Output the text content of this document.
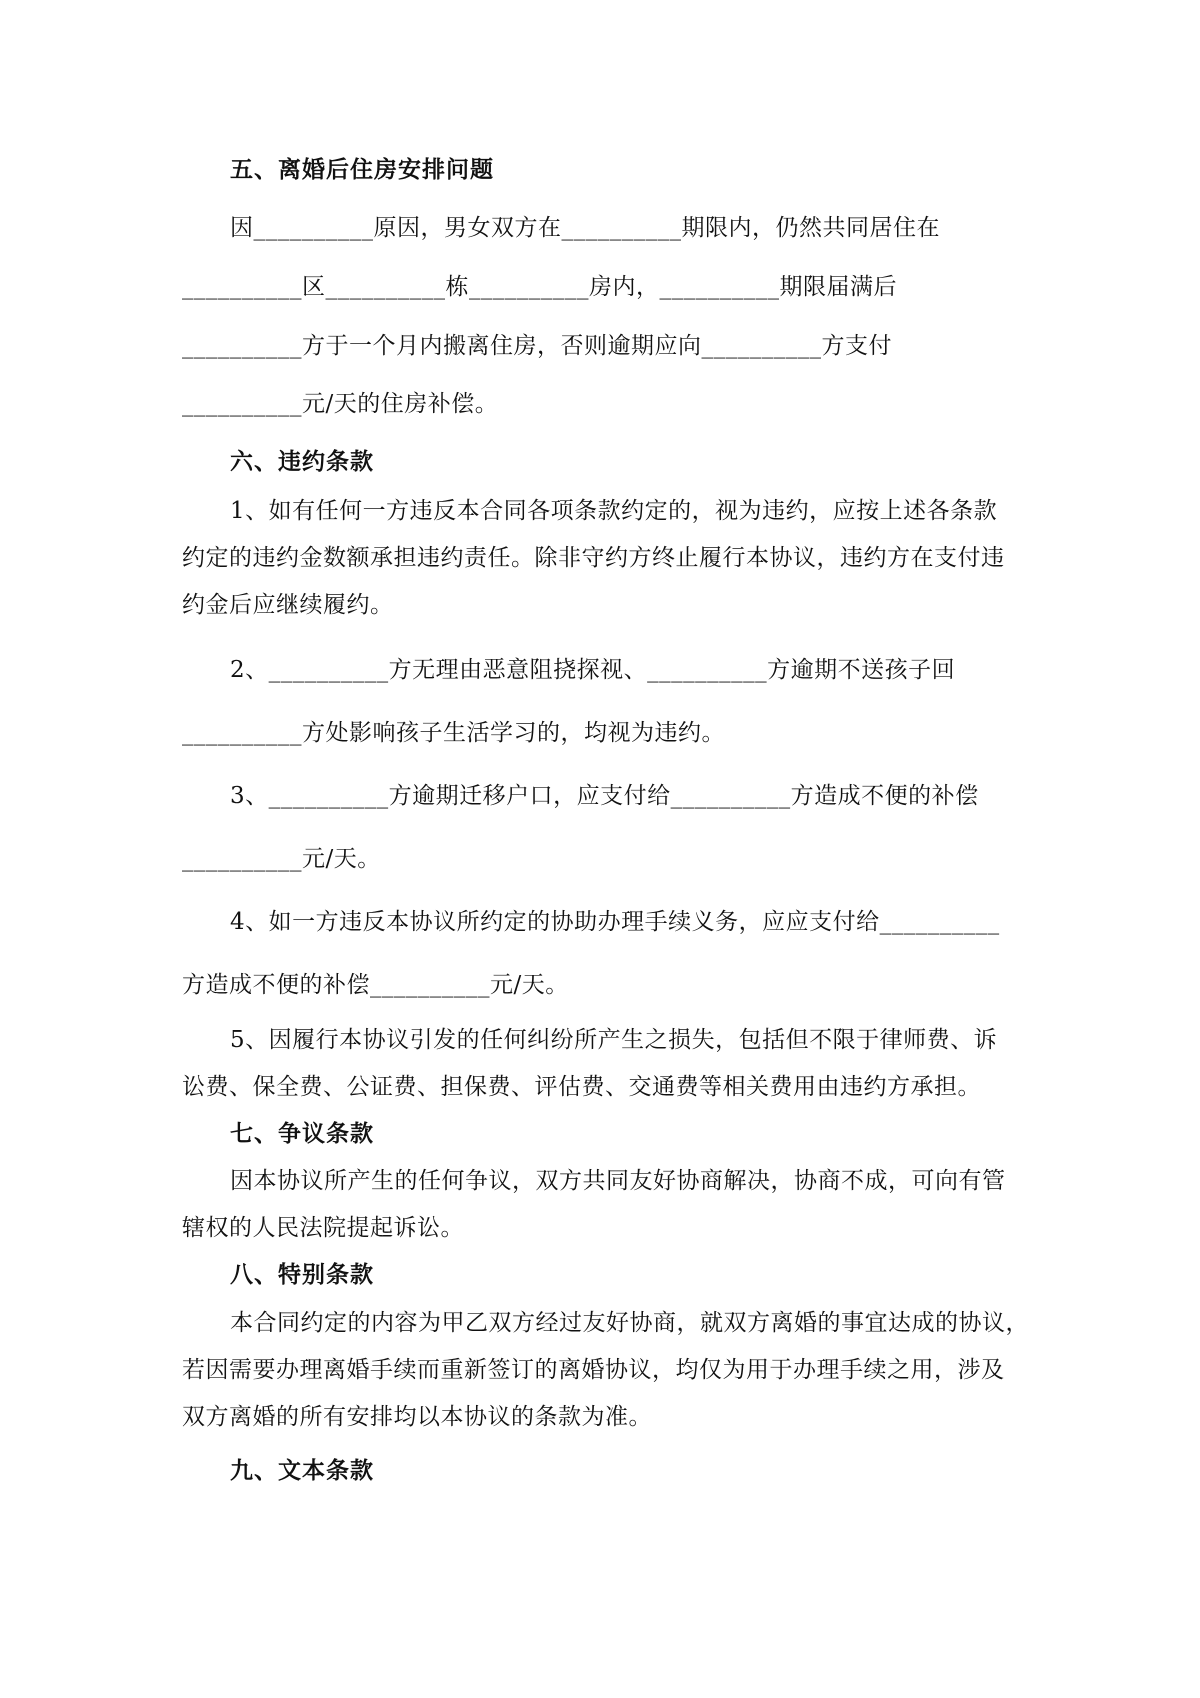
五、离婚后住房安排问题
因__________原因，男女双方在__________期限内，仍然共同居住在
__________区__________栋__________房内，__________期限届满后
__________方于一个月内搬离住房，否则逾期应向__________方支付
__________元/天的住房补偿。
六、违约条款
1、如有任何一方违反本合同各项条款约定的，视为违约，应按上述各条款
约定的违约金数额承担违约责任。除非守约方终止履行本协议，违约方在支付违
约金后应继续履约。
2、__________方无理由恶意阻挠探视、__________方逾期不送孩子回
__________方处影响孩子生活学习的，均视为违约。
3、__________方逾期迁移户口，应支付给__________方造成不便的补偿
__________元/天。
4、如一方违反本协议所约定的协助办理手续义务，应应支付给__________
方造成不便的补偿__________元/天。
5、因履行本协议引发的任何纠纷所产生之损失，包括但不限于律师费、诉
讼费、保全费、公证费、担保费、评估费、交通费等相关费用由违约方承担。
七、争议条款
因本协议所产生的任何争议，双方共同友好协商解决，协商不成，可向有管
辖权的人民法院提起诉讼。
八、特别条款
本合同约定的内容为甲乙双方经过友好协商，就双方离婚的事宜达成的协议，
若因需要办理离婚手续而重新签订的离婚协议，均仅为用于办理手续之用，涉及
双方离婚的所有安排均以本协议的条款为准。
九、文本条款
